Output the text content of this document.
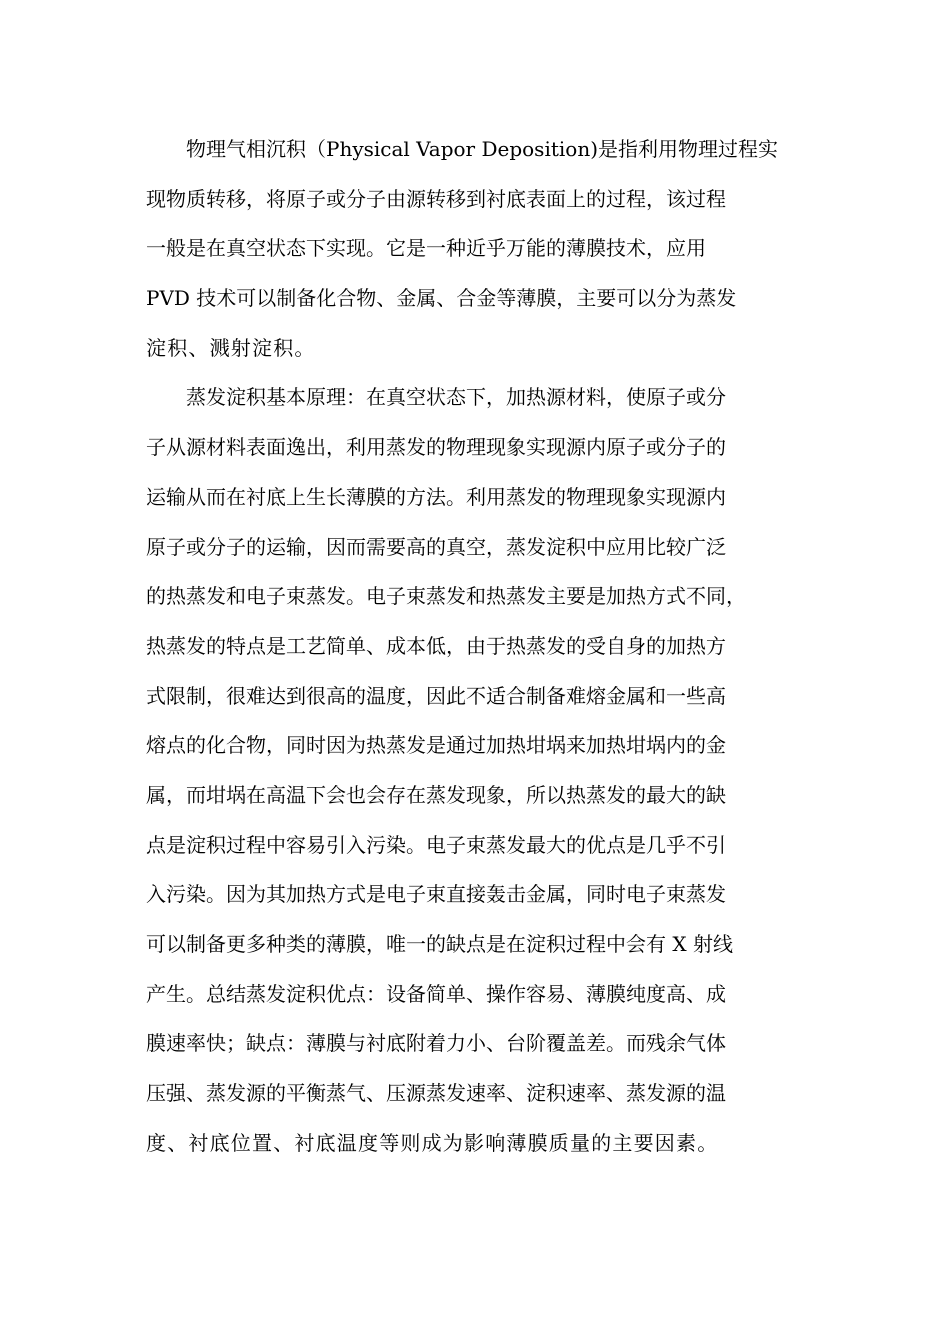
　　物理气相沉积（Physical Vapor Deposition)是指利用物理过程实
现物质转移，将原子或分子由源转移到衬底表面上的过程，该过程
一般是在真空状态下实现。它是一种近乎万能的薄膜技术，应用
PVD 技术可以制备化合物、金属、合金等薄膜，主要可以分为蒸发
淀积、溅射淀积。
　　蒸发淀积基本原理：在真空状态下，加热源材料，使原子或分
子从源材料表面逸出，利用蒸发的物理现象实现源内原子或分子的
运输从而在衬底上生长薄膜的方法。利用蒸发的物理现象实现源内
原子或分子的运输，因而需要高的真空，蒸发淀积中应用比较广泛
的热蒸发和电子束蒸发。电子束蒸发和热蒸发主要是加热方式不同，
热蒸发的特点是工艺简单、成本低，由于热蒸发的受自身的加热方
式限制，很难达到很高的温度，因此不适合制备难熔金属和一些高
熔点的化合物，同时因为热蒸发是通过加热坩埚来加热坩埚内的金
属，而坩埚在高温下会也会存在蒸发现象，所以热蒸发的最大的缺
点是淀积过程中容易引入污染。电子束蒸发最大的优点是几乎不引
入污染。因为其加热方式是电子束直接轰击金属，同时电子束蒸发
可以制备更多种类的薄膜，唯一的缺点是在淀积过程中会有 X 射线
产生。总结蒸发淀积优点：设备简单、操作容易、薄膜纯度高、成
膜速率快；缺点：薄膜与衬底附着力小、台阶覆盖差。而残余气体
压强、蒸发源的平衡蒸气、压源蒸发速率、淀积速率、蒸发源的温
度、衬底位置、衬底温度等则成为影响薄膜质量的主要因素。
